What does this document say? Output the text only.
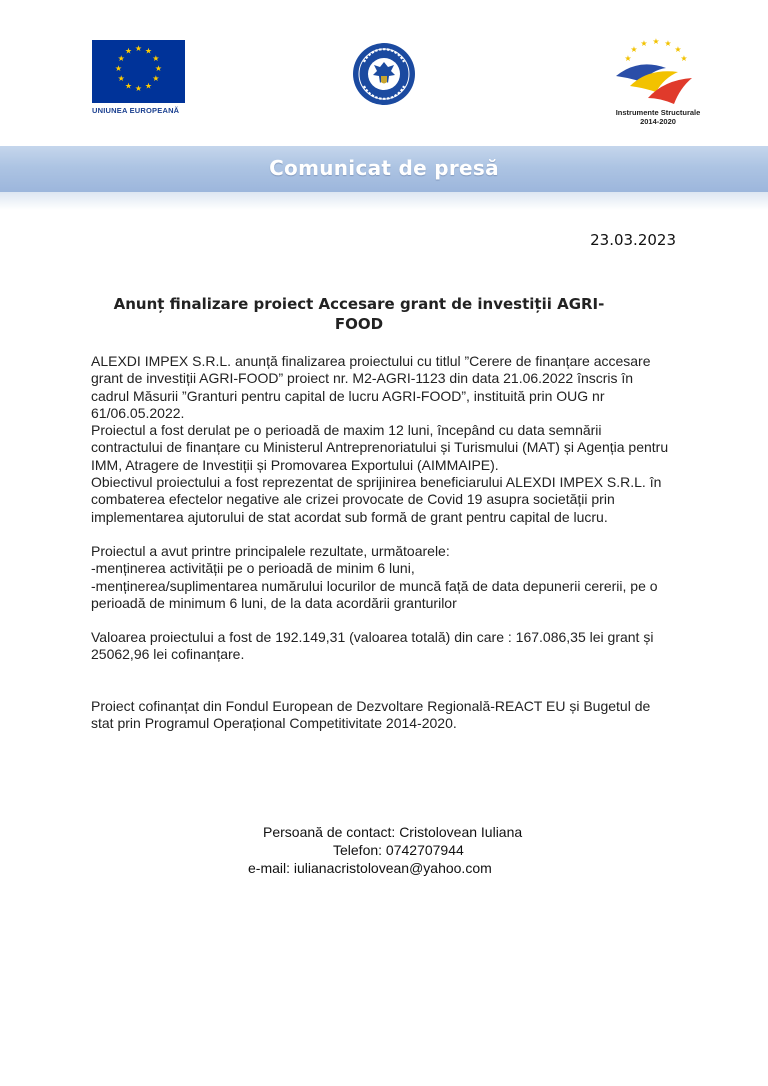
★ ★
★
★
★
★
★
★
★
★
★
★
UNIUNEA EUROPEANĂ
★
★ ★ ★
★
★
★
Instrumente Structurale
2014-2020
Comunicat de presă
23.03.2023
Anunț finalizare proiect Accesare grant de investiții AGRI-FOOD

ALEXDI IMPEX S.R.L. anunță finalizarea proiectului cu titlul ”Cerere de finanțare accesare grant de investiții AGRI-FOOD” proiect nr. M2-AGRI-1123 din data 21.06.2022 înscris în cadrul Măsurii ”Granturi pentru capital de lucru AGRI-FOOD”, instituită prin OUG nr 61/06.05.2022.

Proiectul a fost derulat pe o perioadă de maxim 12 luni, începând cu data semnării contractului de finanțare cu Ministerul Antreprenoriatului și Turismului (MAT) și Agenția pentru IMM, Atragere de Investiții și Promovarea Exportului (AIMMAIPE).

Obiectivul proiectului a fost reprezentat de sprijinirea beneficiarului ALEXDI IMPEX S.R.L. în combaterea efectelor negative ale crizei provocate de Covid 19 asupra societății prin implementarea ajutorului de stat acordat sub formă de grant pentru capital de lucru.

Proiectul a avut printre principalele rezultate, următoarele:

-menținerea activității pe o perioadă de minim 6 luni,

-menținerea/suplimentarea numărului locurilor de muncă față de data depunerii cererii, pe o perioadă de minimum 6 luni, de la data acordării granturilor

Valoarea proiectului a fost de 192.149,31 (valoarea totală) din care : 167.086,35 lei grant și 25062,96 lei cofinanțare.

Proiect cofinanțat din Fondul European de Dezvoltare Regională-REACT EU și Bugetul de stat prin Programul Operațional Competitivitate 2014-2020.

Persoană de contact: Cristolovean Iuliana
Telefon: 0742707944
e-mail: iulianacristolovean@yahoo.com
